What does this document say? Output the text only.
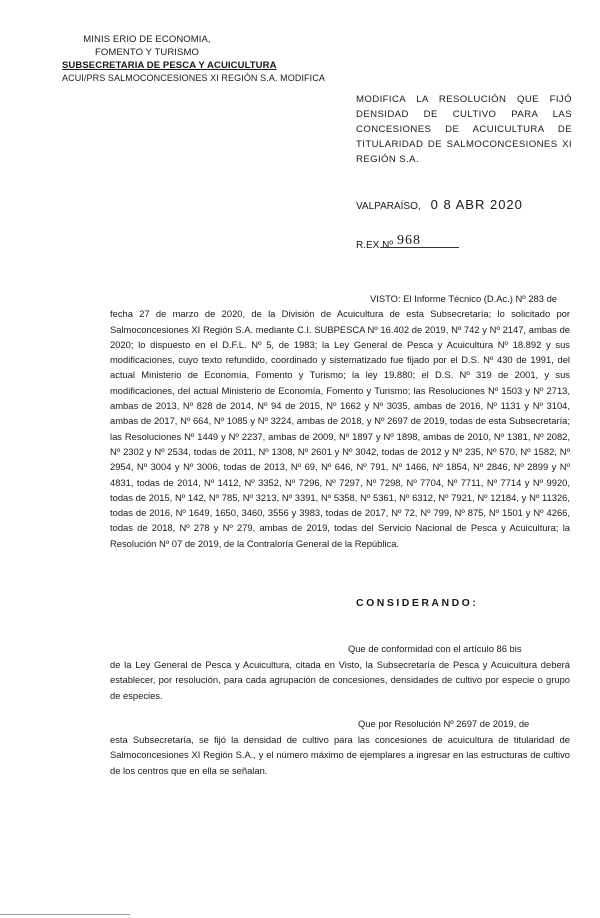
MINIS ERIO DE ECONOMIA,
FOMENTO Y TURISMO
SUBSECRETARIA DE PESCA Y ACUICULTURA
ACUI/PRS SALMOCONCESIONES XI REGIÓN S.A. MODIFICA
MODIFICA LA RESOLUCIÓN QUE FIJÓ DENSIDAD DE CULTIVO PARA LAS CONCESIONES DE ACUICULTURA DE TITULARIDAD DE SALMOCONCESIONES XI REGIÓN S.A.
VALPARAÍSO, 0 8 ABR 2020
R.EX.Nº 968
VISTO: El Informe Técnico (D.Ac.) Nº 283 de
fecha 27 de marzo de 2020, de la División de Acuicultura de esta Subsecretaría; lo solicitado por Salmoconcesiones XI Región S.A. mediante C.I. SUBPESCA Nº 16.402 de 2019, Nº 742 y Nº 2147, ambas de 2020; lo dispuesto en el D.F.L. Nº 5, de 1983; la Ley General de Pesca y Acuicultura Nº 18.892 y sus modificaciones, cuyo texto refundido, coordinado y sistematizado fue fijado por el D.S. Nº 430 de 1991, del actual Ministerio de Economía, Fomento y Turismo; la ley 19.880; el D.S. Nº 319 de 2001, y sus modificaciones, del actual Ministerio de Economía, Fomento y Turismo; las Resoluciones Nº 1503 y Nº 2713, ambas de 2013, Nº 828 de 2014, Nº 94 de 2015, Nº 1662 y Nº 3035, ambas de 2016, Nº 1131 y Nº 3104, ambas de 2017, Nº 664, Nº 1085 y Nº 3224, ambas de 2018, y Nº 2697 de 2019, todas de esta Subsecretaría; las Resoluciones Nº 1449 y Nº 2237, ambas de 2009, Nº 1897 y Nº 1898, ambas de 2010, Nº 1381, Nº 2082, Nº 2302 y Nº 2534, todas de 2011, Nº 1308, Nº 2601 y Nº 3042, todas de 2012 y Nº 235, Nº 570, Nº 1582, Nº 2954, Nº 3004 y Nº 3006, todas de 2013, Nº 69, Nº 646, Nº 791, Nº 1466, Nº 1854, Nº 2846, Nº 2899 y Nº 4831, todas de 2014, Nº 1412, Nº 3352, Nº 7296, Nº 7297, Nº 7298, Nº 7704, Nº 7711, Nº 7714 y Nº 9920, todas de 2015, Nº 142, Nº 785, Nº 3213, Nº 3391, Nº 5358, Nº 5361, Nº 6312, Nº 7921, Nº 12184, y Nº 11326, todas de 2016, Nº 1649, 1650, 3460, 3556 y 3983, todas de 2017, Nº 72, Nº 799, Nº 875, Nº 1501 y Nº 4266, todas de 2018, Nº 278 y Nº 279, ambas de 2019, todas del Servicio Nacional de Pesca y Acuicultura; la Resolución Nº 07 de 2019, de la Contraloría General de la República.
CONSIDERANDO:
Que de conformidad con el artículo 86 bis
de la Ley General de Pesca y Acuicultura, citada en Visto, la Subsecretaría de Pesca y Acuicultura deberá establecer, por resolución, para cada agrupación de concesiones, densidades de cultivo por especie o grupo de especies.
Que por Resolución Nº 2697 de 2019, de
esta Subsecretaría, se fijó la densidad de cultivo para las concesiones de acuicultura de titularidad de Salmoconcesiones XI Región S.A., y el número máximo de ejemplares a ingresar en las estructuras de cultivo de los centros que en ella se señalan.
